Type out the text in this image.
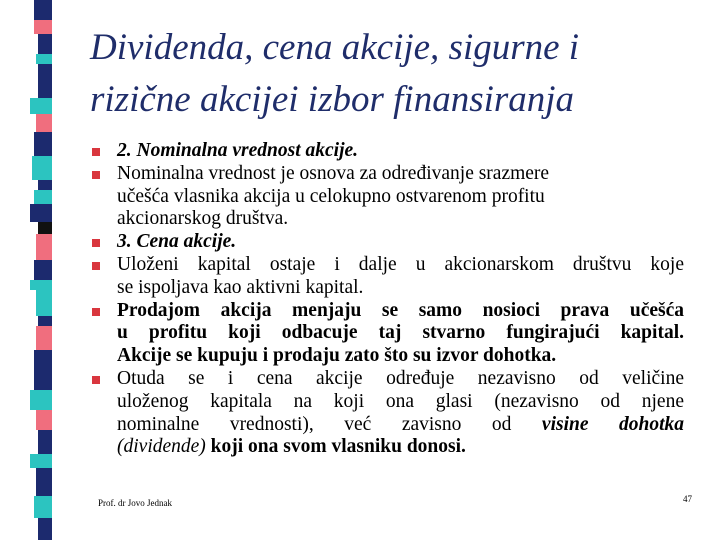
Dividenda, cena akcije, sigurne i
rizične akcijei izbor finansiranja
2. Nominalna vrednost akcije.
Nominalna vrednost je osnova za određivanje srazmere
učešća vlasnika akcija u celokupno ostvarenom profitu
akcionarskog društva.
3. Cena akcije.
Uloženi kapital ostaje i dalje u akcionarskom društvu koje
se ispoljava kao aktivni kapital.
Prodajom akcija menjaju se samo nosioci prava učešća
u profitu koji odbacuje taj stvarno fungirajući kapital.
Akcije se kupuju i prodaju zato što su izvor dohotka.
Otuda se i cena akcije određuje nezavisno od veličine
uloženog kapitala na koji ona glasi (nezavisno od njene
nominalne vrednosti), već zavisno od visine dohotka
(dividende) koji ona svom vlasniku donosi.
Prof. dr Jovo Jednak	47
